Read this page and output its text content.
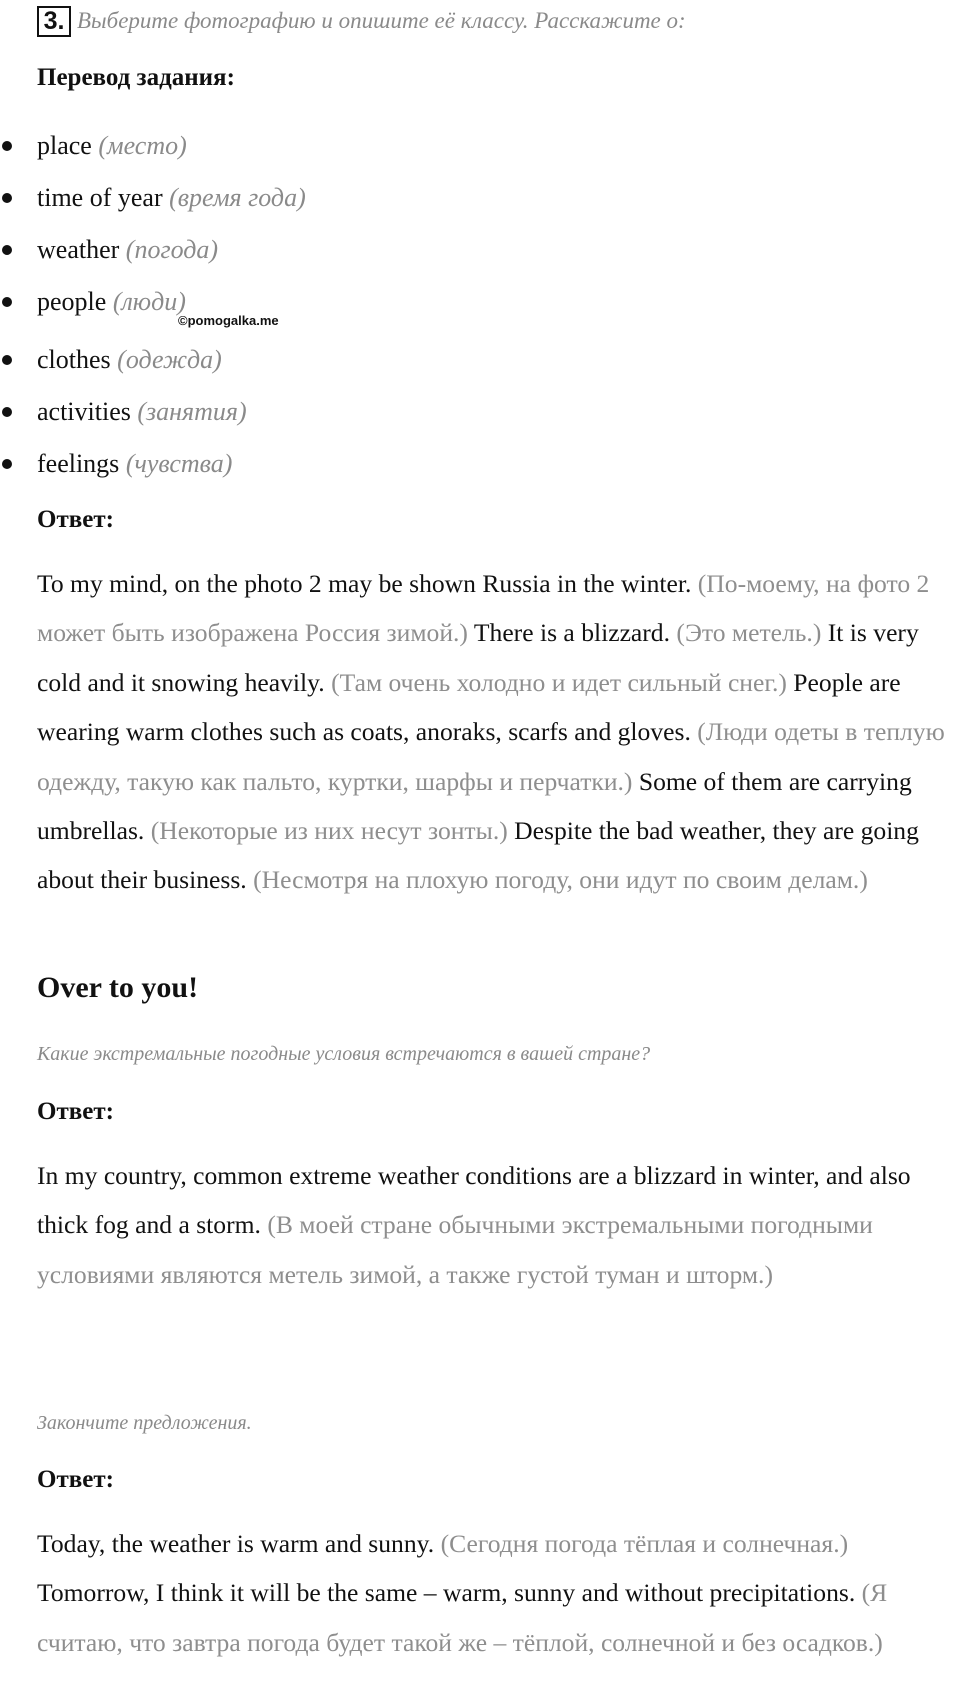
3. Выберите фотографию и опишите её классу. Расскажите о:
Перевод задания:
place (место)
time of year (время года)
weather (погода)
people (люди)
clothes (одежда)
activities (занятия)
feelings (чувства)
©pomogalka.me
Ответ:

To my mind, on the photo 2 may be shown Russia in the winter. (По-моему, на фото 2 может быть изображена Россия зимой.) There is a blizzard. (Это метель.) It is very cold and it snowing heavily. (Там очень холодно и идет сильный снег.) People are wearing warm clothes such as coats, anoraks, scarfs and gloves. (Люди одеты в теплую одежду, такую как пальто, куртки, шарфы и перчатки.) Some of them are carrying umbrellas. (Некоторые из них несут зонты.) Despite the bad weather, they are going about their business. (Несмотря на плохую погоду, они идут по своим делам.)

Over to you!
Какие экстремальные погодные условия встречаются в вашей стране?
Ответ:

In my country, common extreme weather conditions are a blizzard in winter, and also thick fog and a storm. (В моей стране обычными экстремальными погодными условиями являются метель зимой, а также густой туман и шторм.)

Закончите предложения.
Ответ:

Today, the weather is warm and sunny. (Сегодня погода тёплая и солнечная.) Tomorrow, I think it will be the same – warm, sunny and without precipitations. (Я считаю, что завтра погода будет такой же – тёплой, солнечной и без осадков.)
